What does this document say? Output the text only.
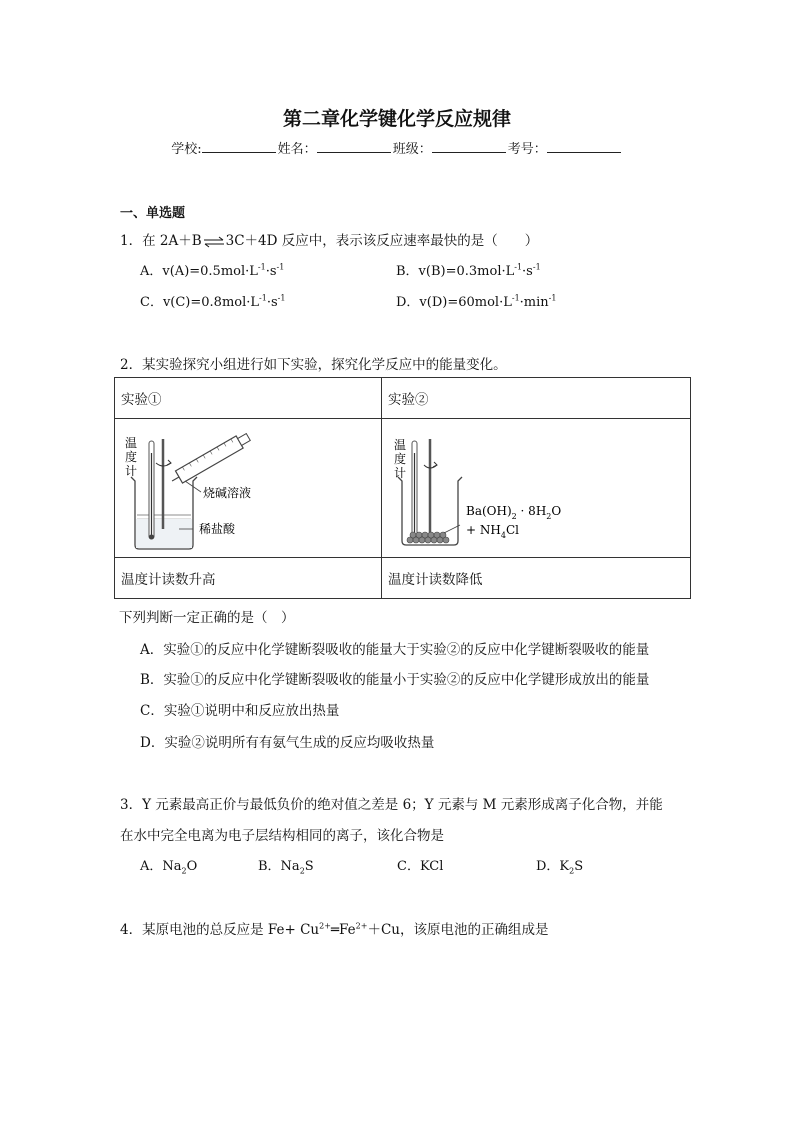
第二章化学键化学反应规律
学校:	姓名：	班级：	考号：
一、单选题
1．在 2A＋B⇌3C＋4D 反应中，表示该反应速率最快的是（　　）
A．$v(A)=0.5mol\cdot L^{-1}\cdot s^{-1}$	B．$v(B)=0.3mol\cdot L^{-1}\cdot s^{-1}$
C．$v(C)=0.8mol\cdot L^{-1}\cdot s^{-1}$	D．$v(D)=60mol\cdot L^{-1}\cdot\min^{-1}$
2．某实验探究小组进行如下实验，探究化学反应中的能量变化。
实验①	实验②

温
度
计
烧碱溶液
稀盐酸	温
度
计
$Ba(OH)_2 \cdot 8H_2O$
+ $NH_4Cl$

温度计读数升高	温度计读数降低
下列判断一定正确的是（　）
A．实验①的反应中化学键断裂吸收的能量大于实验②的反应中化学键断裂吸收的能量
B．实验①的反应中化学键断裂吸收的能量小于实验②的反应中化学键形成放出的能量
C．实验①说明中和反应放出热量
D．实验②说明所有有氨气生成的反应均吸收热量
3．Y 元素最高正价与最低负价的绝对值之差是 6；Y 元素与 M 元素形成离子化合物，并能
在水中完全电离为电子层结构相同的离子，该化合物是
A．$Na_2O$	B．$Na_2S$	C．KCl	D．$K_2S$
4．某原电池的总反应是 $Fe+ Cu^{2+}═Fe^{2+}+Cu$，该原电池的正确组成是
